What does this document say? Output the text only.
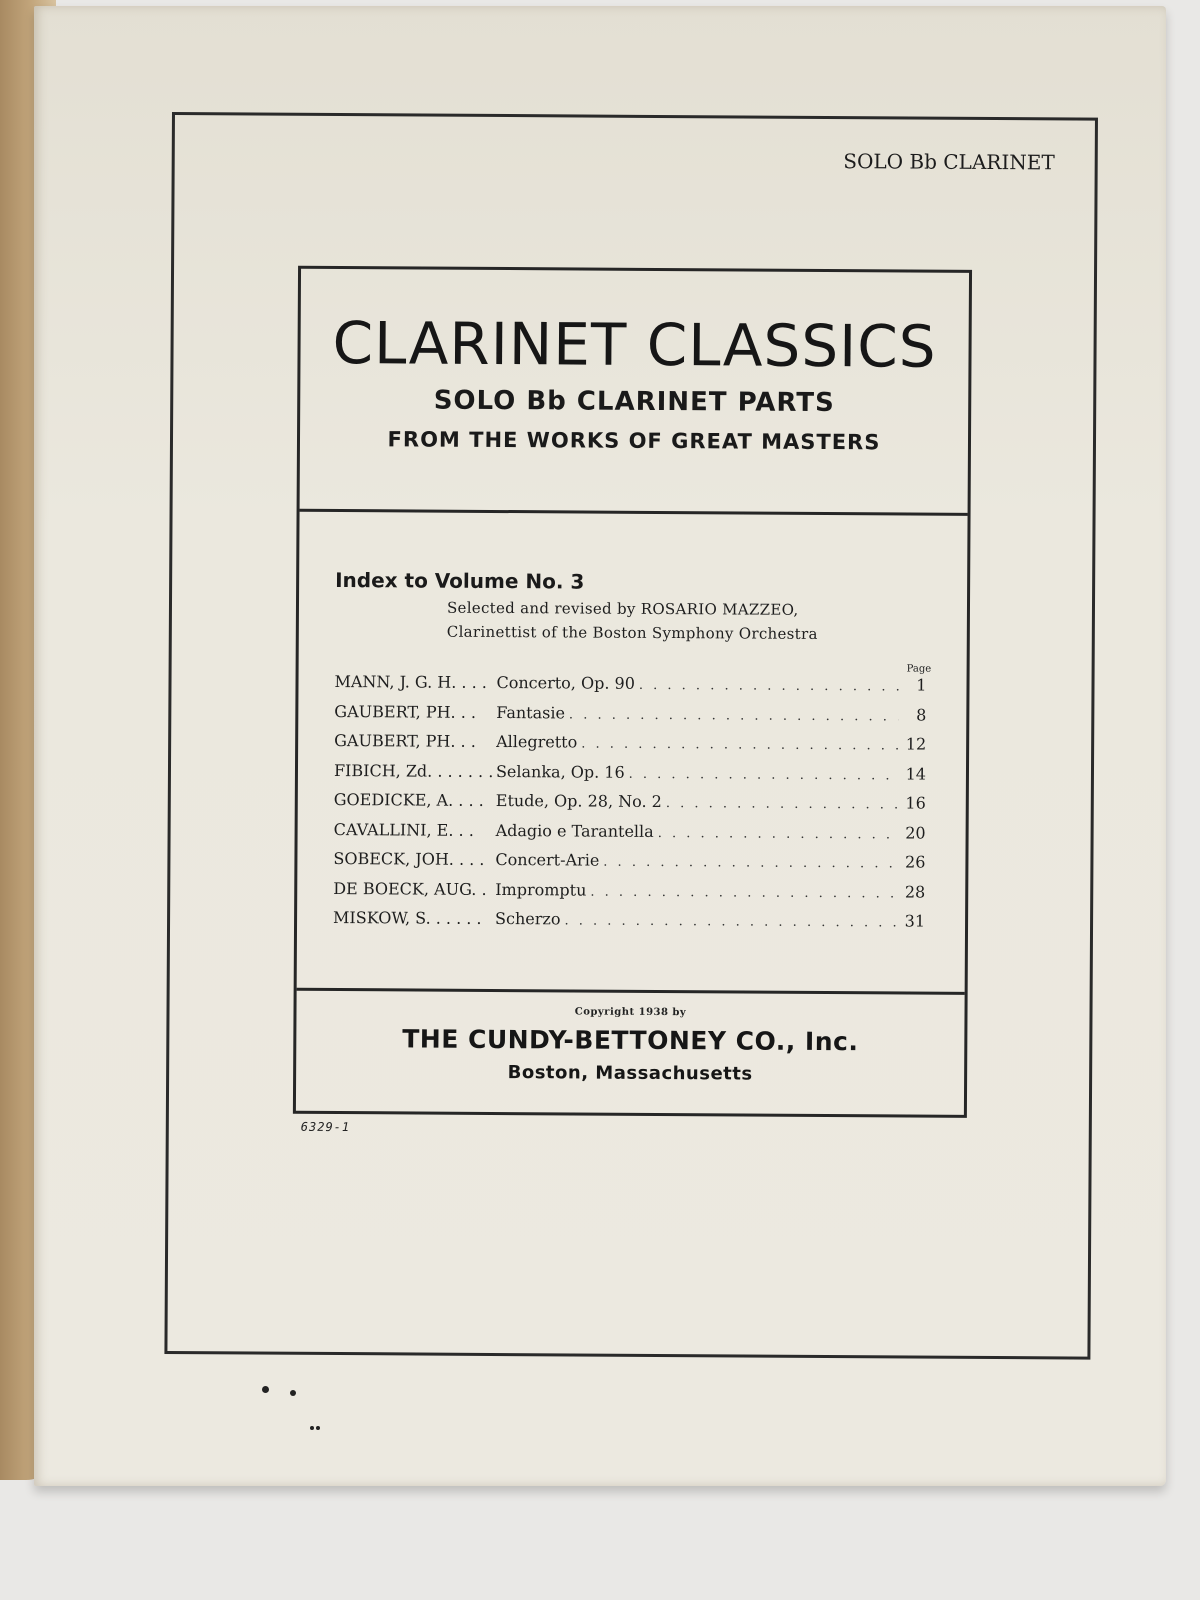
SOLO Bb CLARINET
CLARINET CLASSICS
SOLO Bb CLARINET PARTS
FROM THE WORKS OF GREAT MASTERS
Index to Volume No. 3
Selected and revised by ROSARIO MAZZEO,
Clarinettist of the Boston Symphony Orchestra
Page
MANN, J. G. H. . . . Concerto, Op. 90 . . .	1
GAUBERT, PH. . .	Fantasie . . .	8
GAUBERT, PH. . .	Allegretto . . .	12
FIBICH, Zd. . . . . . . Selanka, Op. 16 . . .	14
GOEDICKE, A. . . . Etude, Op. 28, No. 2 . . .	16
CAVALLINI, E. . .	Adagio e Tarantella . . .	20
SOBECK, JOH. . . . Concert-Arie . . .	26
DE BOECK, AUG. . Impromptu . . .	28
MISKOW, S. . . . . . Scherzo . . .	31
Copyright 1938 by
THE CUNDY-BETTONEY CO., Inc.
Boston, Massachusetts
6329-1
